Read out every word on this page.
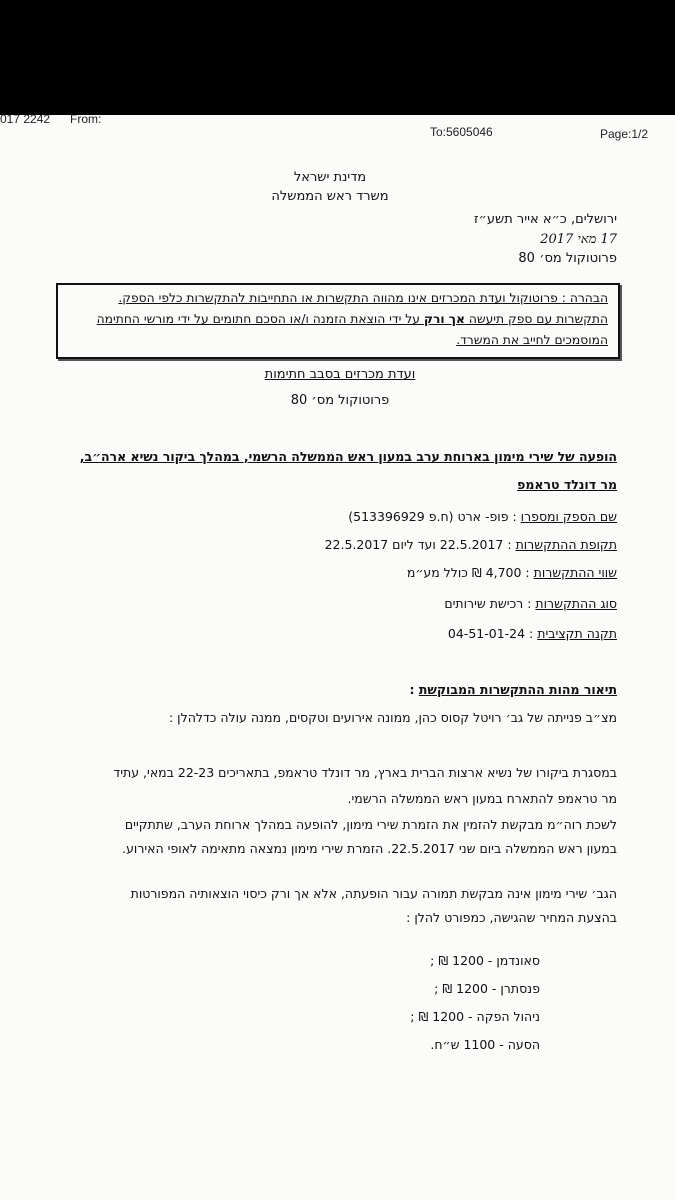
017 2242 From:
To:5605046	Page:1/2
מדינת ישראל
משרד ראש הממשלה
ירושלים, כ״א אייר תשע״ז
17 מאי 2017
פרוטוקול מס׳ 80
הבהרה : פרוטוקול ועדת המכרזים אינו מהווה התקשרות או התחייבות להתקשרות כלפי הספק.
התקשרות עם ספק תיעשה אך ורק על ידי הוצאת הזמנה ו/או הסכם חתומים על ידי מורשי החתימה
המוסמכים לחייב את המשרד.
ועדת מכרזים בסבב חתימות
פרוטוקול מס׳ 80
הופעה של שירי מימון בארוחת ערב במעון ראש הממשלה הרשמי, במהלך ביקור נשיא ארה״ב,
מר דונלד טראמפ
שם הספק ומספרו : פופ- ארט (ח.פ 513396929)
תקופת ההתקשרות : 22.5.2017 ועד ליום 22.5.2017
שווי ההתקשרות : 4,700 ₪ כולל מע״מ
סוג ההתקשרות : רכישת שירותים
תקנה תקציבית : 04-51-01-24
תיאור מהות ההתקשרות המבוקשת :
מצ״ב פנייתה של גב׳ רויטל קסוס כהן, ממונה אירועים וטקסים, ממנה עולה כדלהלן :
במסגרת ביקורו של נשיא ארצות הברית בארץ, מר דונלד טראמפ, בתאריכים 22-23 במאי, עתיד
מר טראמפ להתארח במעון ראש הממשלה הרשמי.
לשכת רוה״מ מבקשת להזמין את הזמרת שירי מימון, להופעה במהלך ארוחת הערב, שתתקיים
במעון ראש הממשלה ביום שני 22.5.2017. הזמרת שירי מימון נמצאה מתאימה לאופי האירוע.
הגב׳ שירי מימון אינה מבקשת תמורה עבור הופעתה, אלא אך ורק כיסוי הוצאותיה המפורטות
בהצעת המחיר שהגישה, כמפורט להלן :
סאונדמן - 1200 ₪ ;
פנסתרן - 1200 ₪ ;
ניהול הפקה - 1200 ₪ ;
הסעה - 1100 ש״ח.
